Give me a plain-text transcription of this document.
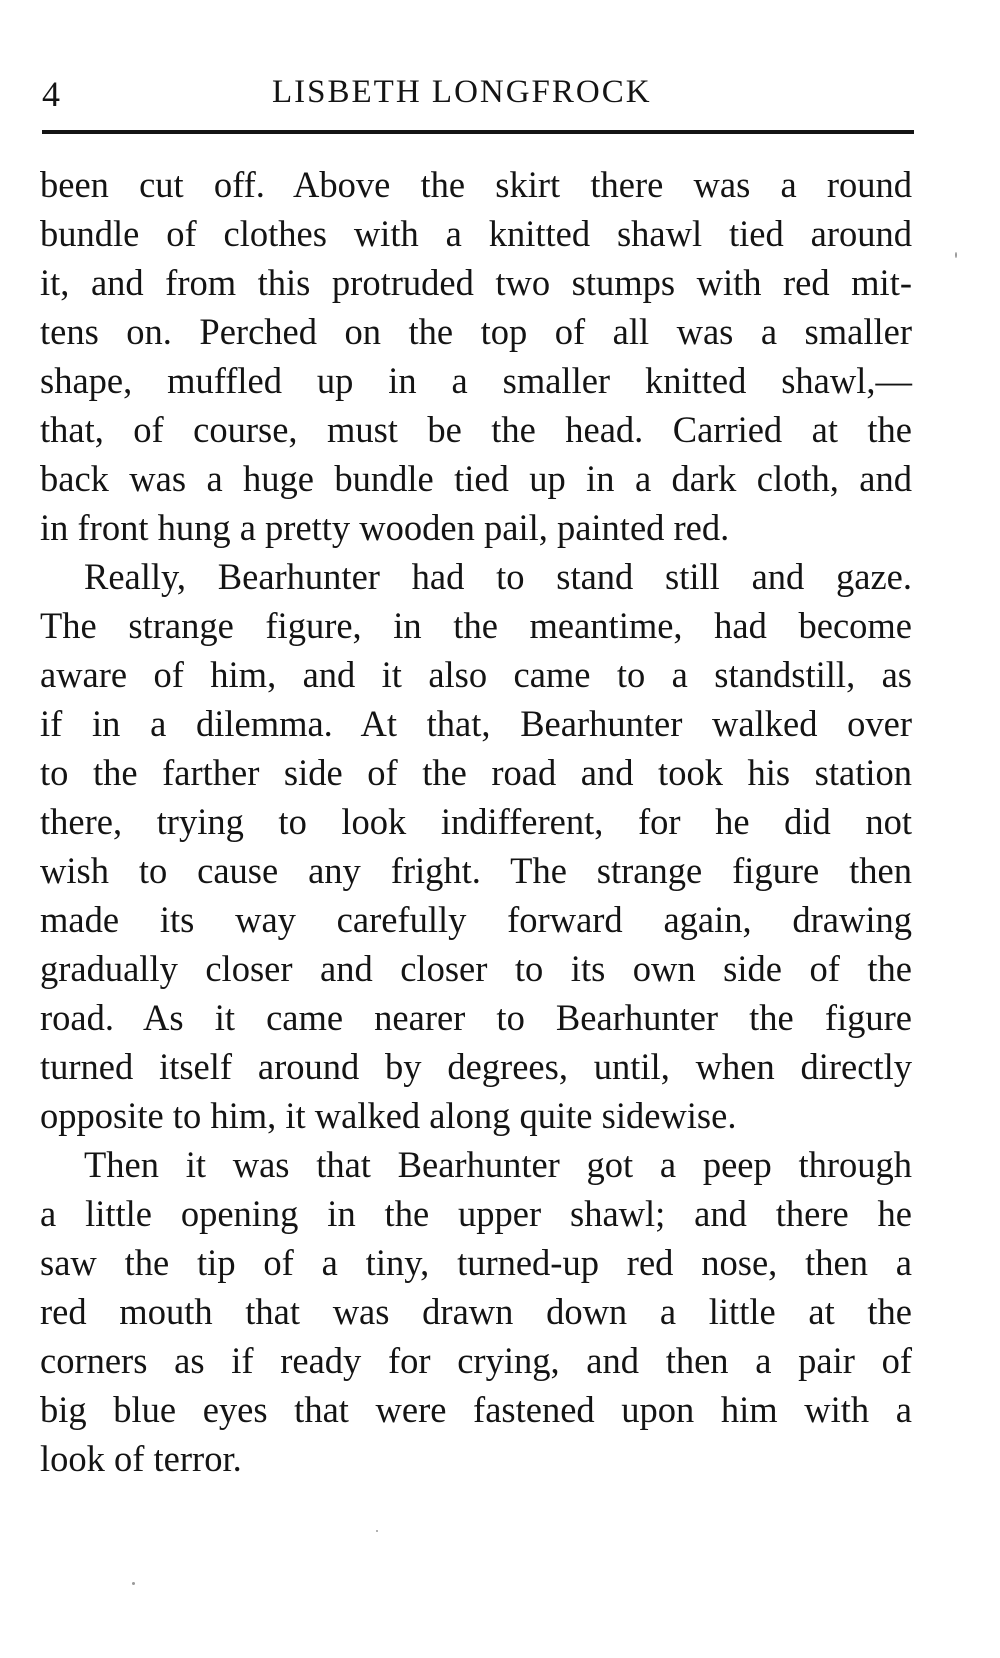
4	LISBETH LONGFROCK
been cut off. Above the skirt there was a round
bundle of clothes with a knitted shawl tied around
it, and from this protruded two stumps with red mit-
tens on. Perched on the top of all was a smaller
shape, muffled up in a smaller knitted shawl,—
that, of course, must be the head. Carried at the
back was a huge bundle tied up in a dark cloth, and
in front hung a pretty wooden pail, painted red.
Really, Bearhunter had to stand still and gaze.
The strange figure, in the meantime, had become
aware of him, and it also came to a standstill, as
if in a dilemma. At that, Bearhunter walked over
to the farther side of the road and took his station
there, trying to look indifferent, for he did not
wish to cause any fright. The strange figure then
made its way carefully forward again, drawing
gradually closer and closer to its own side of the
road. As it came nearer to Bearhunter the figure
turned itself around by degrees, until, when directly
opposite to him, it walked along quite sidewise.
Then it was that Bearhunter got a peep through
a little opening in the upper shawl; and there he
saw the tip of a tiny, turned-up red nose, then a
red mouth that was drawn down a little at the
corners as if ready for crying, and then a pair of
big blue eyes that were fastened upon him with a
look of terror.
